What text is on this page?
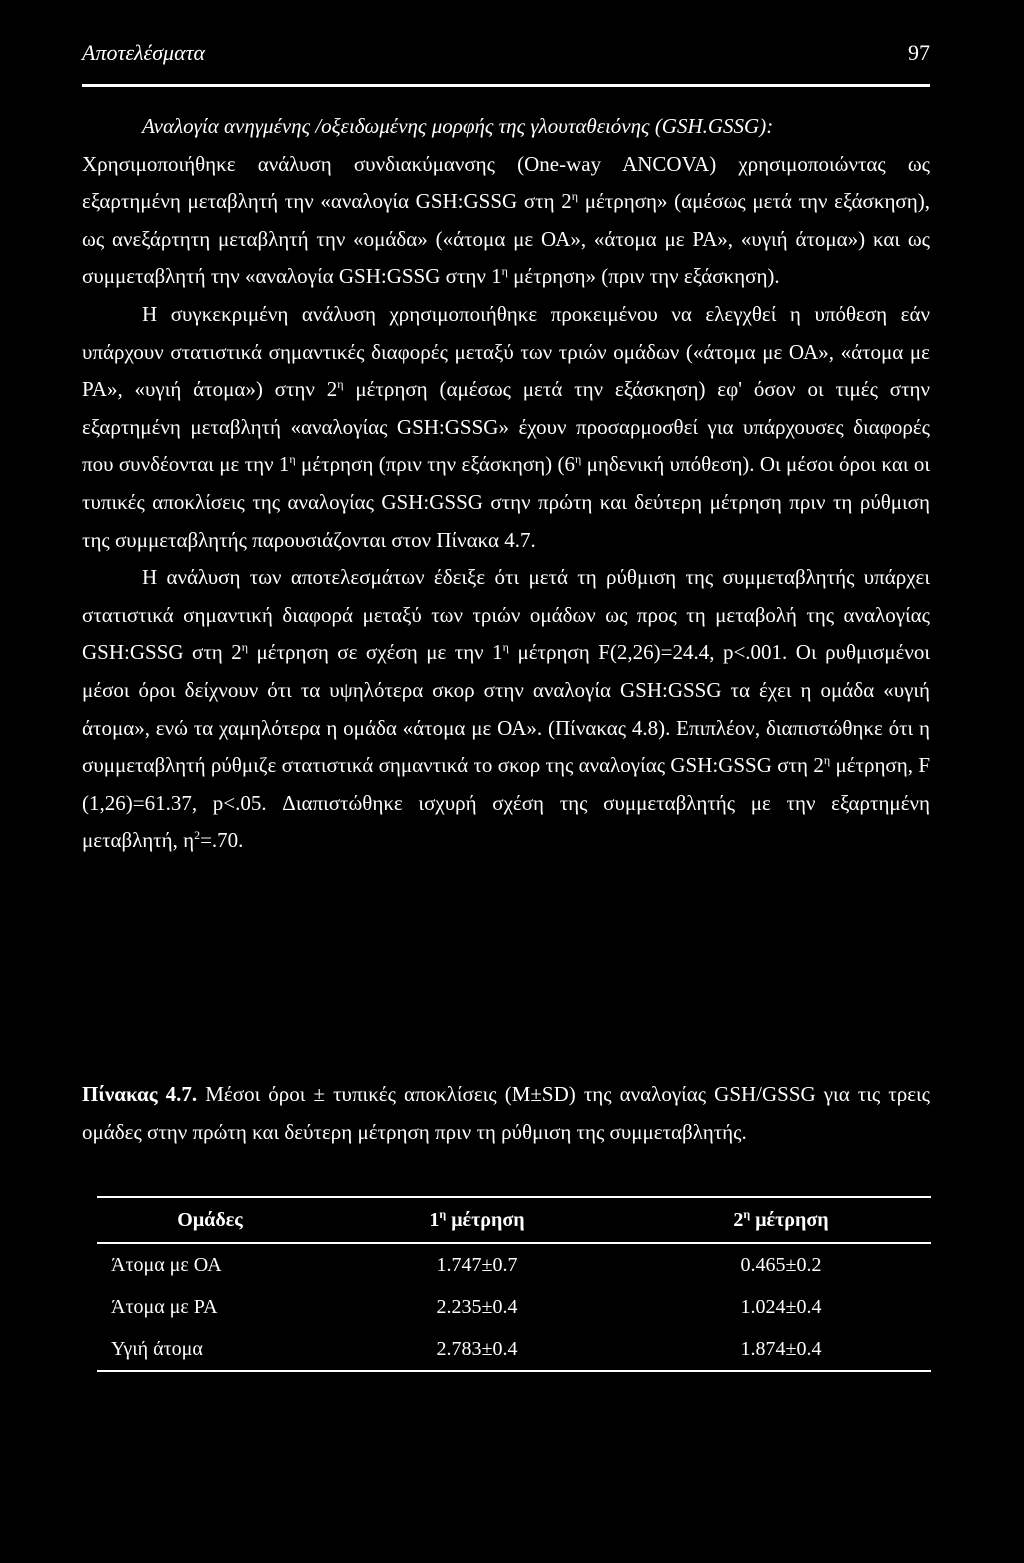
Αποτελέσματα	97

Αναλογία ανηγμένης /οξειδωμένης μορφής της γλουταθειόνης (GSH.GSSG):

Χρησιμοποιήθηκε ανάλυση συνδιακύμανσης (One-way ANCOVA) χρησιμοποιώντας ως εξαρτημένη μεταβλητή την «αναλογία GSH:GSSG στη $2^\eta$ μέτρηση» (αμέσως μετά την εξάσκηση), ως ανεξάρτητη μεταβλητή την «ομάδα» («άτομα με ΟΑ», «άτομα με ΡΑ», «υγιή άτομα») και ως συμμεταβλητή την «αναλογία GSH:GSSG στην $1^\eta$ μέτρηση» (πριν την εξάσκηση).

Η συγκεκριμένη ανάλυση χρησιμοποιήθηκε προκειμένου να ελεγχθεί η υπόθεση εάν υπάρχουν στατιστικά σημαντικές διαφορές μεταξύ των τριών ομάδων («άτομα με ΟΑ», «άτομα με ΡΑ», «υγιή άτομα») στην $2^\eta$ μέτρηση (αμέσως μετά την εξάσκηση) εφ' όσον οι τιμές στην εξαρτημένη μεταβλητή «αναλογίας GSH:GSSG» έχουν προσαρμοσθεί για υπάρχουσες διαφορές που συνδέονται με την $1^\eta$ μέτρηση (πριν την εξάσκηση) ($6^\eta$ μηδενική υπόθεση). Οι μέσοι όροι και οι τυπικές αποκλίσεις της αναλογίας GSH:GSSG στην πρώτη και δεύτερη μέτρηση πριν τη ρύθμιση της συμμεταβλητής παρουσιάζονται στον Πίνακα 4.7.

Η ανάλυση των αποτελεσμάτων έδειξε ότι μετά τη ρύθμιση της συμμεταβλητής υπάρχει στατιστικά σημαντική διαφορά μεταξύ των τριών ομάδων ως προς τη μεταβολή της αναλογίας GSH:GSSG στη $2^\eta$ μέτρηση σε σχέση με την $1^\eta$ μέτρηση F(2,26)=24.4, p<.001. Οι ρυθμισμένοι μέσοι όροι δείχνουν ότι τα υψηλότερα σκορ στην αναλογία GSH:GSSG τα έχει η ομάδα «υγιή άτομα», ενώ τα χαμηλότερα η ομάδα «άτομα με ΟΑ». (Πίνακας 4.8). Επιπλέον, διαπιστώθηκε ότι η συμμεταβλητή ρύθμιζε στατιστικά σημαντικά το σκορ της αναλογίας GSH:GSSG στη $2^\eta$ μέτρηση, F (1,26)=61.37, p<.05. Διαπιστώθηκε ισχυρή σχέση της συμμεταβλητής με την εξαρτημένη μεταβλητή, $\eta^2=.70$.

Πίνακας 4.7. Μέσοι όροι ± τυπικές αποκλίσεις (Μ±SD) της αναλογίας GSH/GSSG για τις τρεις ομάδες στην πρώτη και δεύτερη μέτρηση πριν τη ρύθμιση της συμμεταβλητής.
Ομάδες	$1^\eta$ μέτρηση	$2^\eta$ μέτρηση
Άτομα με ΟΑ	1.747±0.7	0.465±0.2
Άτομα με ΡΑ	2.235±0.4	1.024±0.4
Υγιή άτομα	2.783±0.4	1.874±0.4
